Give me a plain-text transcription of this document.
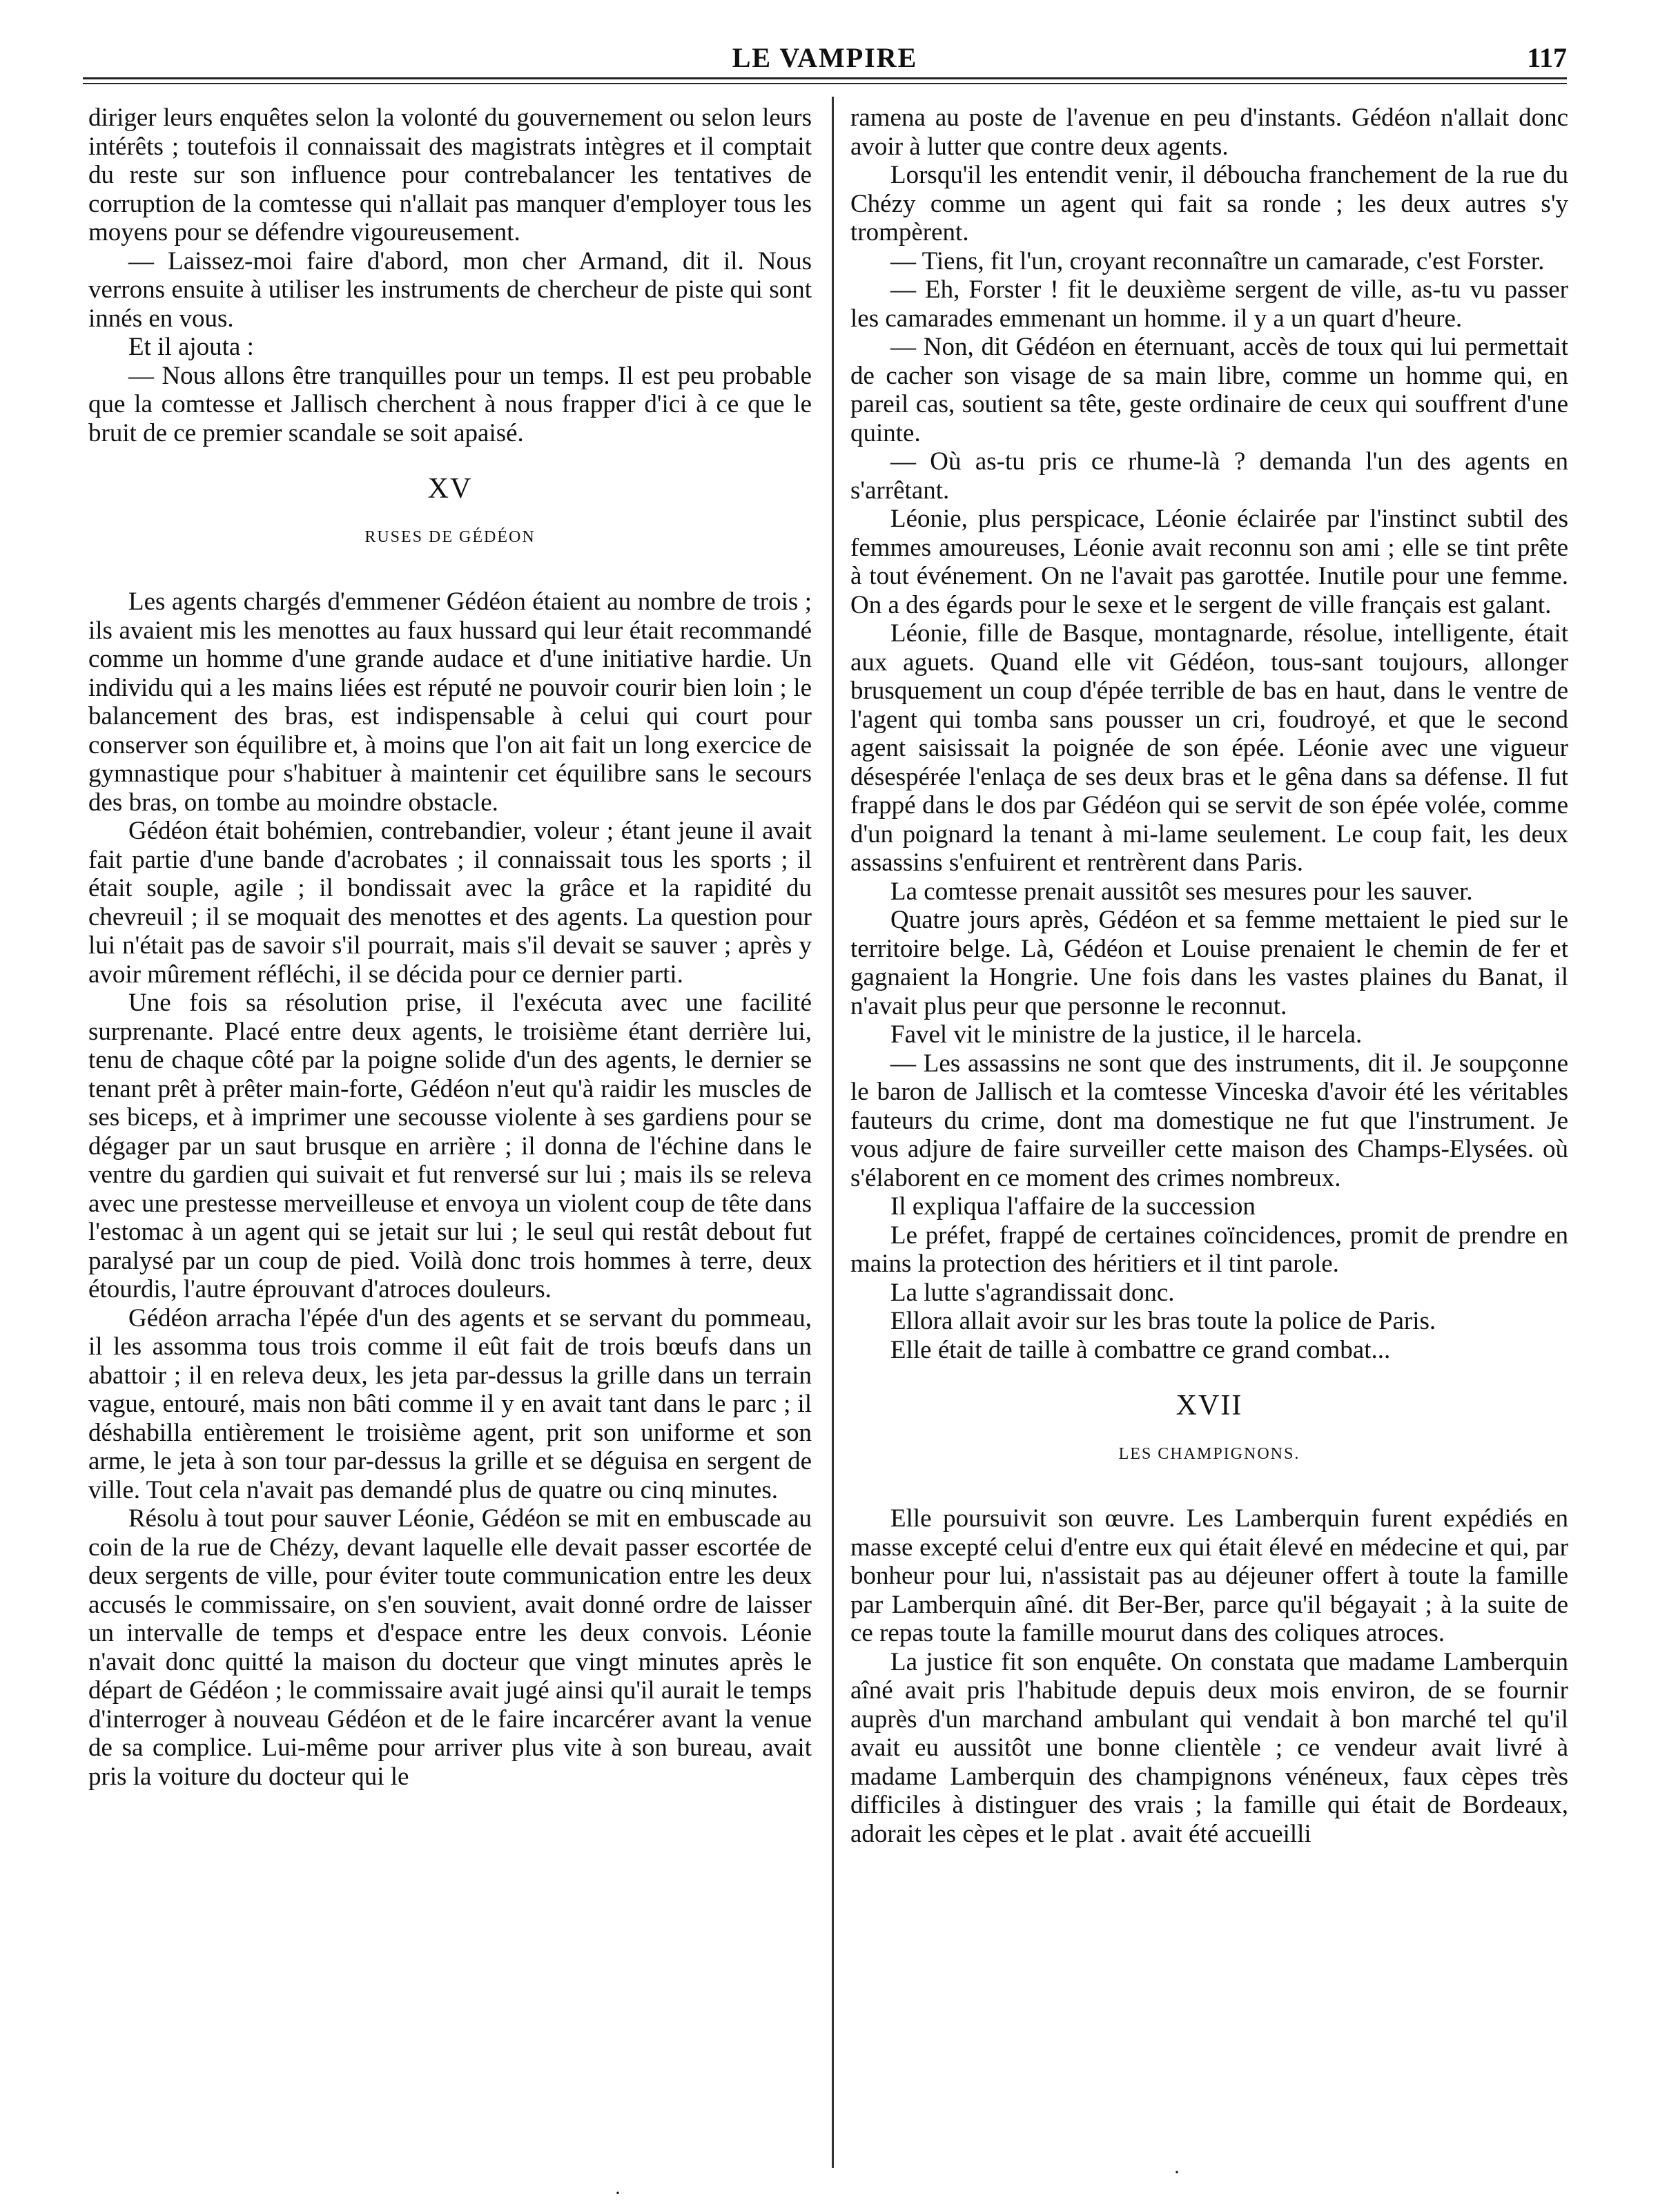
LE VAMPIRE	117

diriger leurs enquêtes selon la volonté du gouvernement ou selon leurs intérêts ; toutefois il connaissait des magistrats intègres et il comptait du reste sur son influence pour contrebalancer les tentatives de corruption de la comtesse qui n'allait pas manquer d'employer tous les moyens pour se défendre vigoureusement.

— Laissez-moi faire d'abord, mon cher Armand, dit il. Nous verrons ensuite à utiliser les instruments de chercheur de piste qui sont innés en vous.

Et il ajouta :

— Nous allons être tranquilles pour un temps. Il est peu probable que la comtesse et Jallisch cherchent à nous frapper d'ici à ce que le bruit de ce premier scandale se soit apaisé.

XV
RUSES DE GÉDÉON

Les agents chargés d'emmener Gédéon étaient au nombre de trois ; ils avaient mis les menottes au faux hussard qui leur était recommandé comme un homme d'une grande audace et d'une initiative hardie. Un individu qui a les mains liées est réputé ne pouvoir courir bien loin ; le balancement des bras, est indispensable à celui qui court pour conserver son équilibre et, à moins que l'on ait fait un long exercice de gymnastique pour s'habituer à maintenir cet équilibre sans le secours des bras, on tombe au moindre obstacle.

Gédéon était bohémien, contrebandier, voleur ; étant jeune il avait fait partie d'une bande d'acrobates ; il connaissait tous les sports ; il était souple, agile ; il bondissait avec la grâce et la rapidité du chevreuil ; il se moquait des menottes et des agents. La question pour lui n'était pas de savoir s'il pourrait, mais s'il devait se sauver ; après y avoir mûrement réfléchi, il se décida pour ce dernier parti.

Une fois sa résolution prise, il l'exécuta avec une facilité surprenante. Placé entre deux agents, le troisième étant derrière lui, tenu de chaque côté par la poigne solide d'un des agents, le dernier se tenant prêt à prêter main-forte, Gédéon n'eut qu'à raidir les muscles de ses biceps, et à imprimer une secousse violente à ses gardiens pour se dégager par un saut brusque en arrière ; il donna de l'échine dans le ventre du gardien qui suivait et fut renversé sur lui ; mais ils se releva avec une prestesse merveilleuse et envoya un violent coup de tête dans l'estomac à un agent qui se jetait sur lui ; le seul qui restât debout fut paralysé par un coup de pied. Voilà donc trois hommes à terre, deux étourdis, l'autre éprouvant d'atroces douleurs.

Gédéon arracha l'épée d'un des agents et se servant du pommeau, il les assomma tous trois comme il eût fait de trois bœufs dans un abattoir ; il en releva deux, les jeta par-dessus la grille dans un terrain vague, entouré, mais non bâti comme il y en avait tant dans le parc ; il déshabilla entièrement le troisième agent, prit son uniforme et son arme, le jeta à son tour par-dessus la grille et se déguisa en sergent de ville. Tout cela n'avait pas demandé plus de quatre ou cinq minutes.

Résolu à tout pour sauver Léonie, Gédéon se mit en embuscade au coin de la rue de Chézy, devant laquelle elle devait passer escortée de deux sergents de ville, pour éviter toute communication entre les deux accusés le commissaire, on s'en souvient, avait donné ordre de laisser un intervalle de temps et d'espace entre les deux convois. Léonie n'avait donc quitté la maison du docteur que vingt minutes après le départ de Gédéon ; le commissaire avait jugé ainsi qu'il aurait le temps d'interroger à nouveau Gédéon et de le faire incarcérer avant la venue de sa complice. Lui-même pour arriver plus vite à son bureau, avait pris la voiture du docteur qui le

ramena au poste de l'avenue en peu d'instants. Gédéon n'allait donc avoir à lutter que contre deux agents.

Lorsqu'il les entendit venir, il déboucha franchement de la rue du Chézy comme un agent qui fait sa ronde ; les deux autres s'y trompèrent.

— Tiens, fit l'un, croyant reconnaître un camarade, c'est Forster.

— Eh, Forster ! fit le deuxième sergent de ville, as-tu vu passer les camarades emmenant un homme. il y a un quart d'heure.

— Non, dit Gédéon en éternuant, accès de toux qui lui permettait de cacher son visage de sa main libre, comme un homme qui, en pareil cas, soutient sa tête, geste ordinaire de ceux qui souffrent d'une quinte.

— Où as-tu pris ce rhume-là ? demanda l'un des agents en s'arrêtant.

Léonie, plus perspicace, Léonie éclairée par l'instinct subtil des femmes amoureuses, Léonie avait reconnu son ami ; elle se tint prête à tout événement. On ne l'avait pas garottée. Inutile pour une femme. On a des égards pour le sexe et le sergent de ville français est galant.

Léonie, fille de Basque, montagnarde, résolue, intelligente, était aux aguets. Quand elle vit Gédéon, tous-sant toujours, allonger brusquement un coup d'épée terrible de bas en haut, dans le ventre de l'agent qui tomba sans pousser un cri, foudroyé, et que le second agent saisissait la poignée de son épée. Léonie avec une vigueur désespérée l'enlaça de ses deux bras et le gêna dans sa défense. Il fut frappé dans le dos par Gédéon qui se servit de son épée volée, comme d'un poignard la tenant à mi-lame seulement. Le coup fait, les deux assassins s'enfuirent et rentrèrent dans Paris.

La comtesse prenait aussitôt ses mesures pour les sauver.

Quatre jours après, Gédéon et sa femme mettaient le pied sur le territoire belge. Là, Gédéon et Louise prenaient le chemin de fer et gagnaient la Hongrie. Une fois dans les vastes plaines du Banat, il n'avait plus peur que personne le reconnut.

Favel vit le ministre de la justice, il le harcela.

— Les assassins ne sont que des instruments, dit il. Je soupçonne le baron de Jallisch et la comtesse Vinceska d'avoir été les véritables fauteurs du crime, dont ma domestique ne fut que l'instrument. Je vous adjure de faire surveiller cette maison des Champs-Elysées. où s'élaborent en ce moment des crimes nombreux.

Il expliqua l'affaire de la succession

Le préfet, frappé de certaines coïncidences, promit de prendre en mains la protection des héritiers et il tint parole.

La lutte s'agrandissait donc.

Ellora allait avoir sur les bras toute la police de Paris.

Elle était de taille à combattre ce grand combat...

XVII
LES CHAMPIGNONS.

Elle poursuivit son œuvre. Les Lamberquin furent expédiés en masse excepté celui d'entre eux qui était élevé en médecine et qui, par bonheur pour lui, n'assistait pas au déjeuner offert à toute la famille par Lamberquin aîné. dit Ber-Ber, parce qu'il bégayait ; à la suite de ce repas toute la famille mourut dans des coliques atroces.

La justice fit son enquête. On constata que madame Lamberquin aîné avait pris l'habitude depuis deux mois environ, de se fournir auprès d'un marchand ambulant qui vendait à bon marché tel qu'il avait eu aussitôt une bonne clientèle ; ce vendeur avait livré à madame Lamberquin des champignons vénéneux, faux cèpes très difficiles à distinguer des vrais ; la famille qui était de Bordeaux, adorait les cèpes et le plat . avait été accueilli

·
·
